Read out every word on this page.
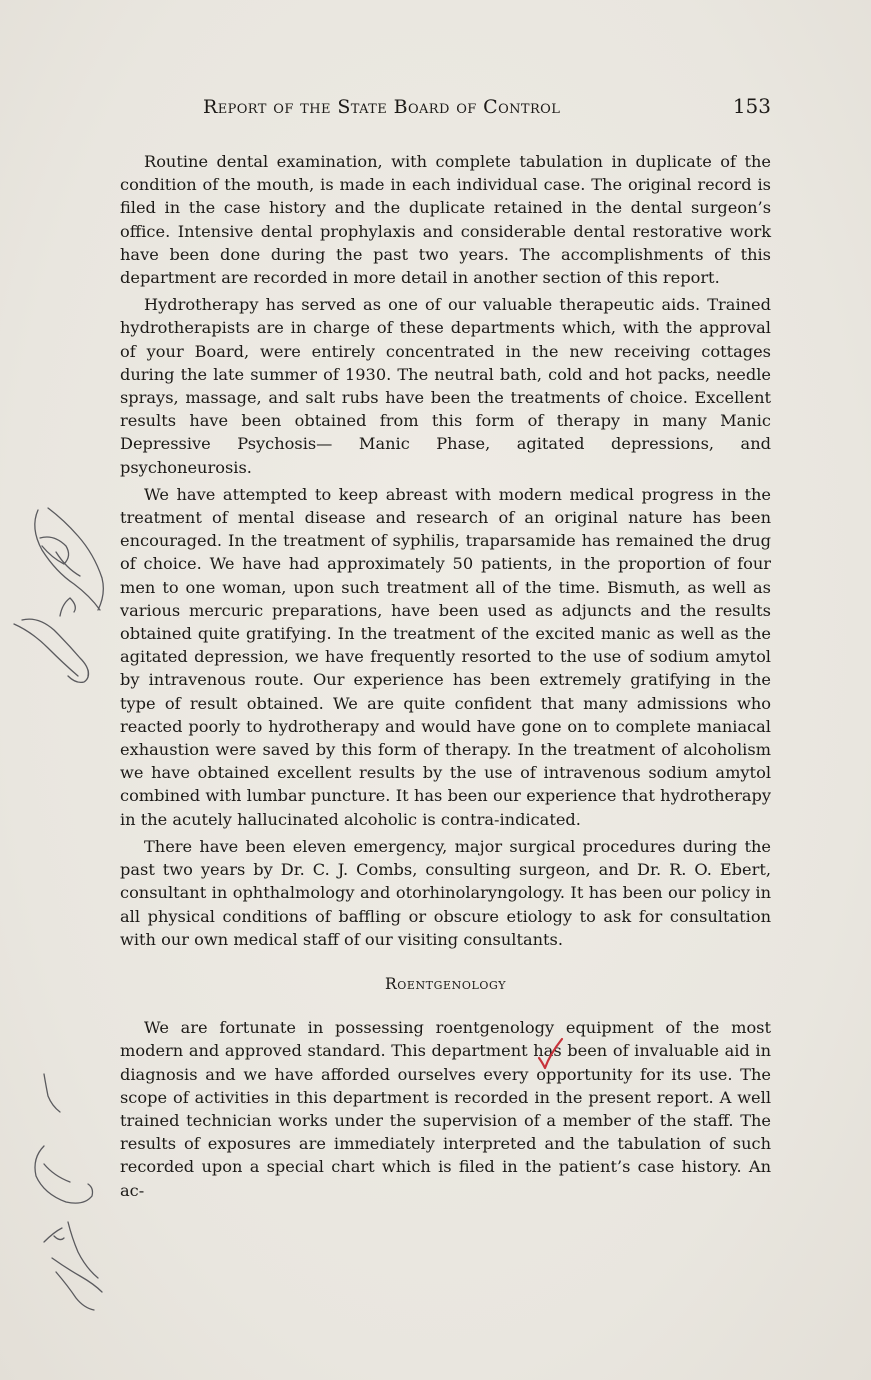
Report of the State Board of Control	153

Routine dental examination, with complete tabulation in duplicate of the condition of the mouth, is made in each individual case. The original record is filed in the case history and the duplicate retained in the dental surgeon’s office. Intensive dental prophylaxis and considerable dental restorative work have been done during the past two years. The accomplishments of this department are recorded in more detail in another section of this report.

Hydrotherapy has served as one of our valuable therapeutic aids. Trained hydrotherapists are in charge of these departments which, with the approval of your Board, were entirely concentrated in the new receiving cottages during the late summer of 1930. The neutral bath, cold and hot packs, needle sprays, massage, and salt rubs have been the treatments of choice. Excellent results have been obtained from this form of therapy in many Manic Depressive Psychosis— Manic Phase, agitated depressions, and psychoneurosis.

We have attempted to keep abreast with modern medical progress in the treatment of mental disease and research of an original nature has been encouraged. In the treatment of syphilis, traparsamide has remained the drug of choice. We have had approximately 50 patients, in the proportion of four men to one woman, upon such treatment all of the time. Bismuth, as well as various mercuric preparations, have been used as adjuncts and the results obtained quite gratifying. In the treatment of the excited manic as well as the agitated depression, we have frequently resorted to the use of sodium amytol by intravenous route. Our experience has been extremely gratifying in the type of result obtained. We are quite confident that many admissions who reacted poorly to hydrotherapy and would have gone on to complete maniacal exhaustion were saved by this form of therapy. In the treatment of alcoholism we have obtained excellent results by the use of intravenous sodium amytol combined with lumbar puncture. It has been our experience that hydrotherapy in the acutely hallucinated alcoholic is contra-indicated.

There have been eleven emergency, major surgical procedures during the past two years by Dr. C. J. Combs, consulting surgeon, and Dr. R. O. Ebert, consultant in ophthalmology and otorhinolaryngology. It has been our policy in all physical conditions of baffling or obscure etiology to ask for consultation with our own medical staff of our visiting consultants.

Roentgenology

We are fortunate in possessing roentgenology equipment of the most modern and approved standard. This department has been of invaluable aid in diagnosis and we have afforded ourselves every opportunity for its use. The scope of activities in this department is recorded in the present report. A well trained technician works under the supervision of a member of the staff. The results of exposures are immediately interpreted and the tabulation of such recorded upon a special chart which is filed in the patient’s case history. An ac-
